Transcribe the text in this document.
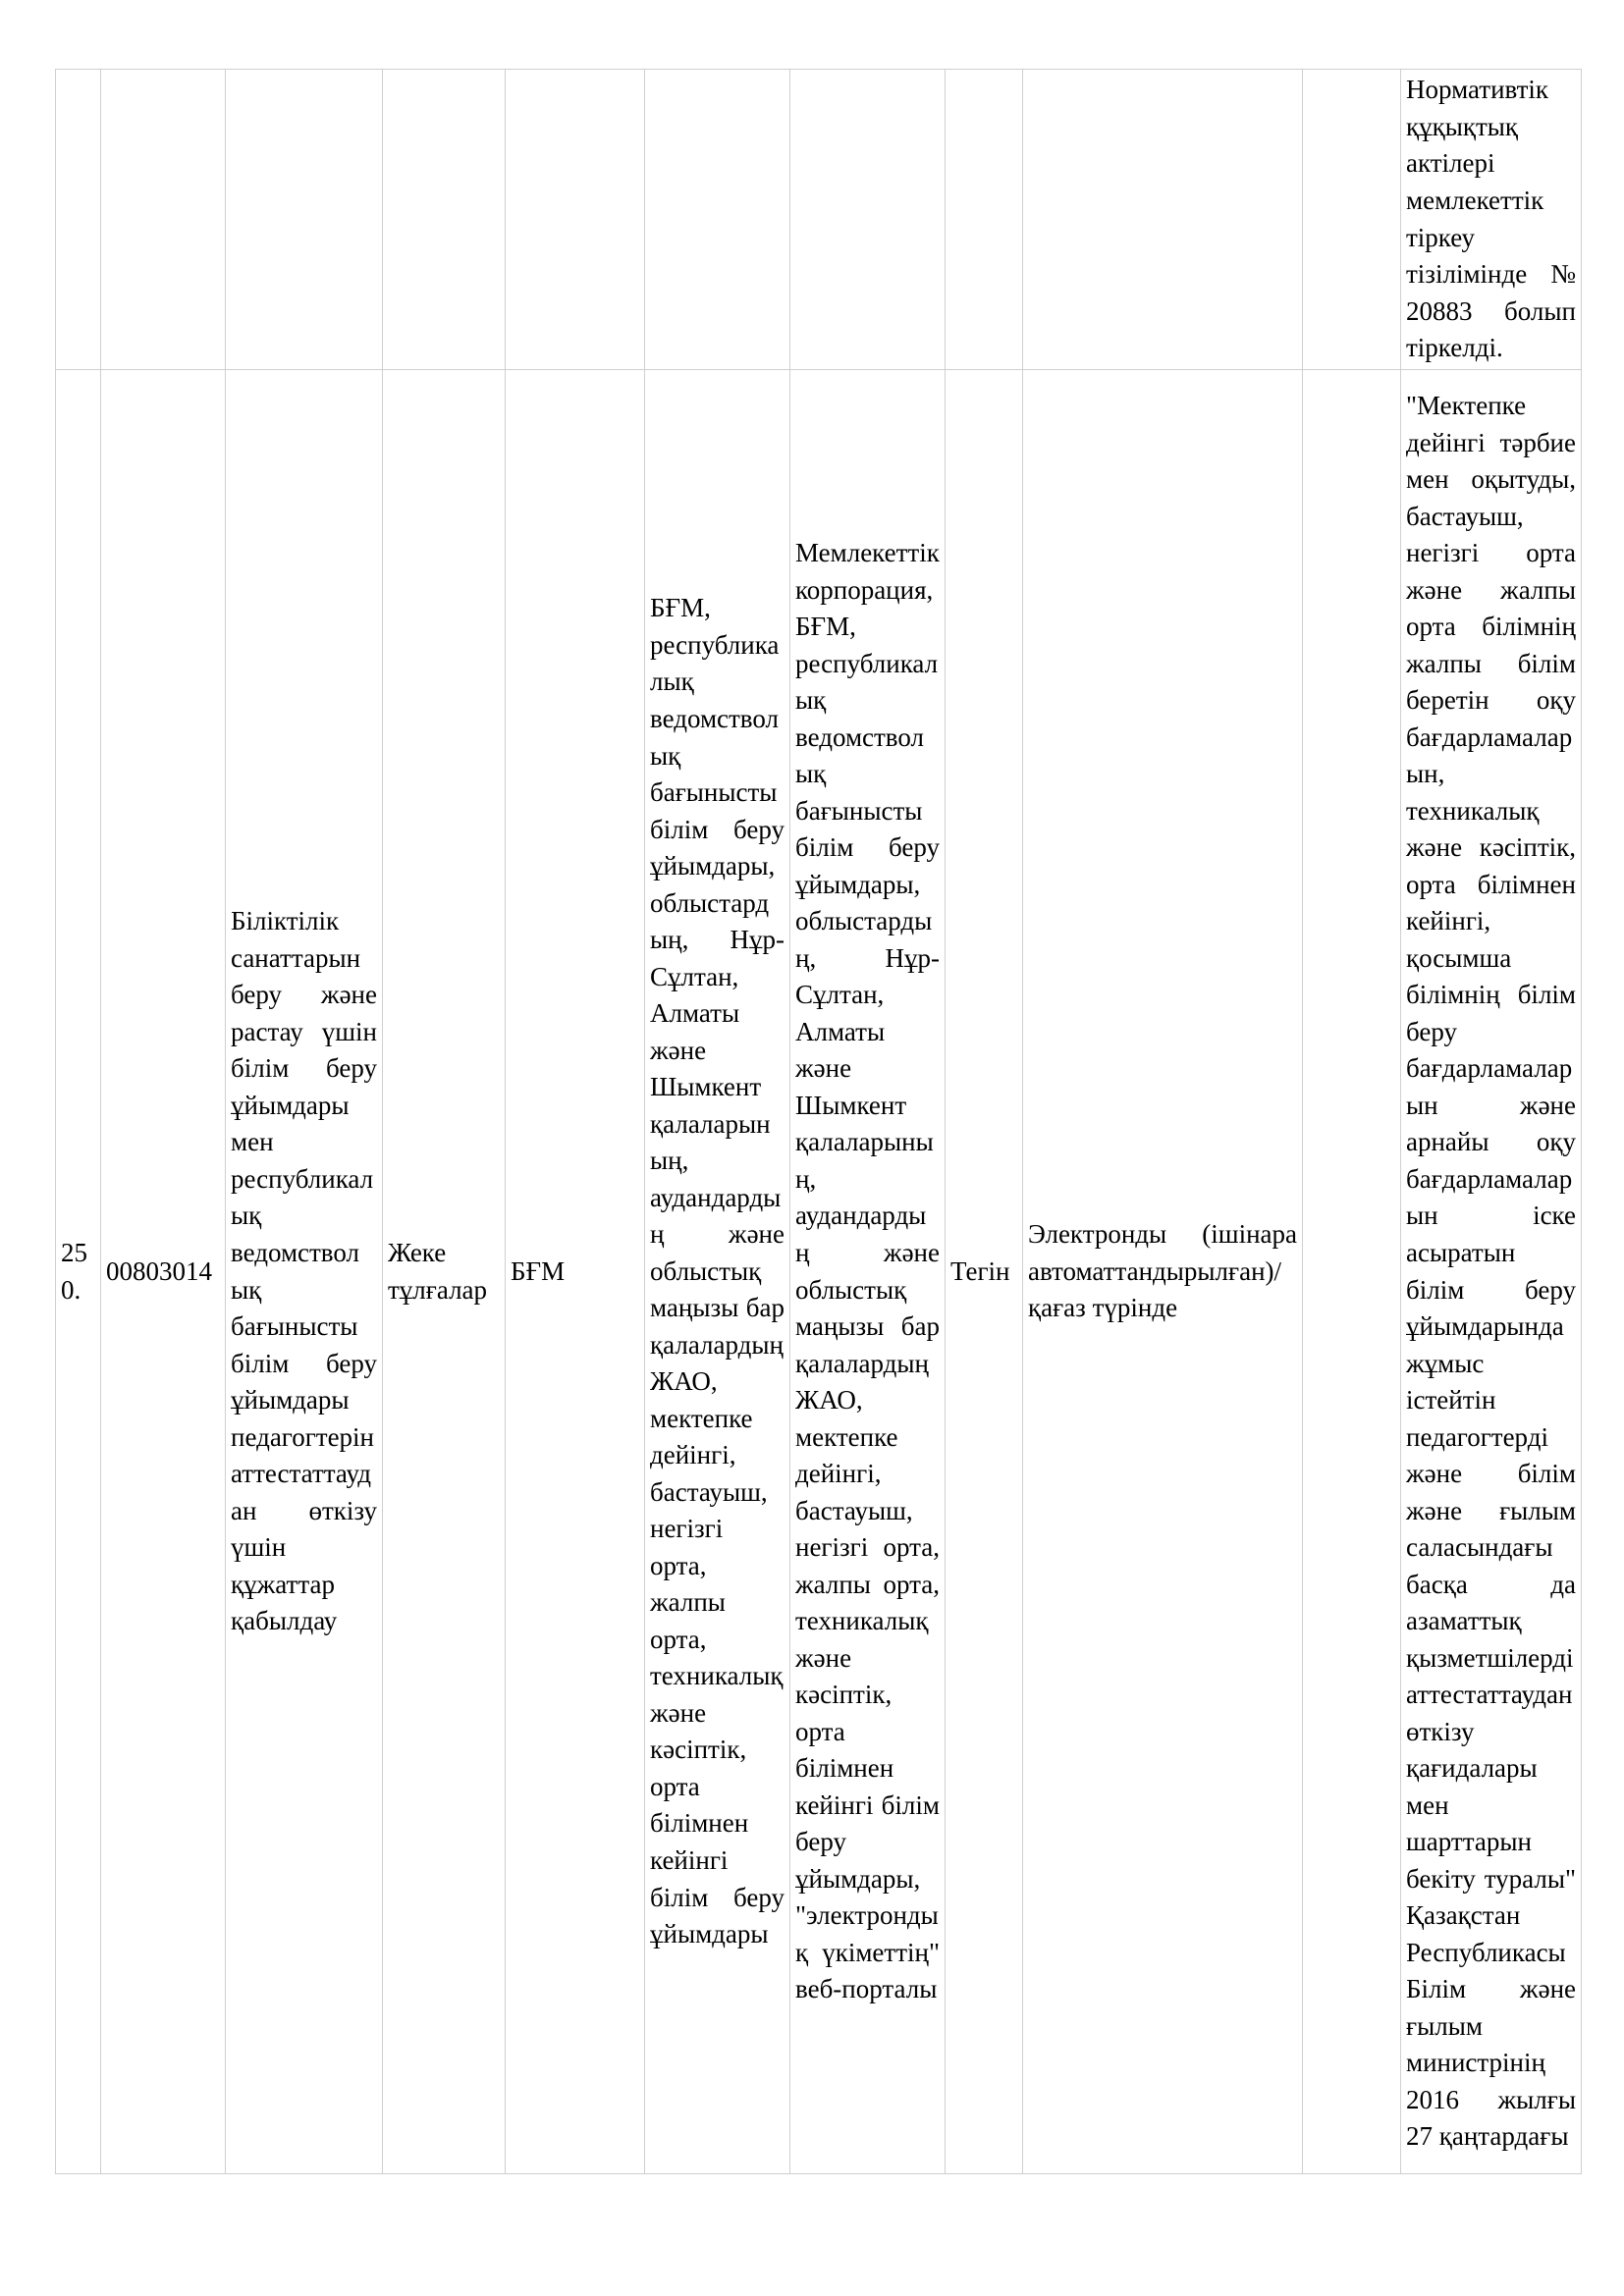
										Нормативтік құқықтық актілері мемлекеттік тіркеу тізілімінде № 20883 болып тіркелді.
250.	00803014	Біліктілік санаттарын беру және растау үшін білім беру ұйымдары мен республикалық ведомстволық бағынысты білім беру ұйымдары педагогтерін аттестаттаудан өткізу үшін құжаттар қабылдау	Жеке тұлғалар	БҒМ	БҒМ, республикалық ведомстволық бағынысты білім беру ұйымдары, облыстардың, Нұр-Сұлтан, Алматы және Шымкент қалаларының, аудандардың және облыстық маңызы бар қалалардың ЖАО, мектепке дейінгі, бастауыш, негізгі орта, жалпы орта, техникалық және кәсіптік, орта білімнен кейінгі білім беру ұйымдары	Мемлекеттік корпорация, БҒМ, республикалық ведомстволық бағынысты білім беру ұйымдары, облыстардың, Нұр-Сұлтан, Алматы және Шымкент қалаларының, аудандардың және облыстық маңызы бар қалалардың ЖАО, мектепке дейінгі, бастауыш, негізгі орта, жалпы орта, техникалық және кәсіптік, орта білімнен кейінгі білім беру ұйымдары, "электрондық үкіметтің" веб-порталы	Тегін	Электронды (ішінара автоматтандырылған)/ қағаз түрінде		"Мектепке дейінгі тәрбие мен оқытуды, бастауыш, негізгі орта және жалпы орта білімнің жалпы білім беретін оқу бағдарламаларын, техникалық және кәсіптік, орта білімнен кейінгі, қосымша білімнің білім беру бағдарламаларын және арнайы оқу бағдарламаларын іске асыратын білім беру ұйымдарында жұмыс істейтін педагогтерді және білім және ғылым саласындағы басқа да азаматтық қызметшілерді аттестаттаудан өткізу қағидалары мен шарттарын бекіту туралы" Қазақстан Республикасы Білім және ғылым министрінің 2016 жылғы 27 қаңтардағы
